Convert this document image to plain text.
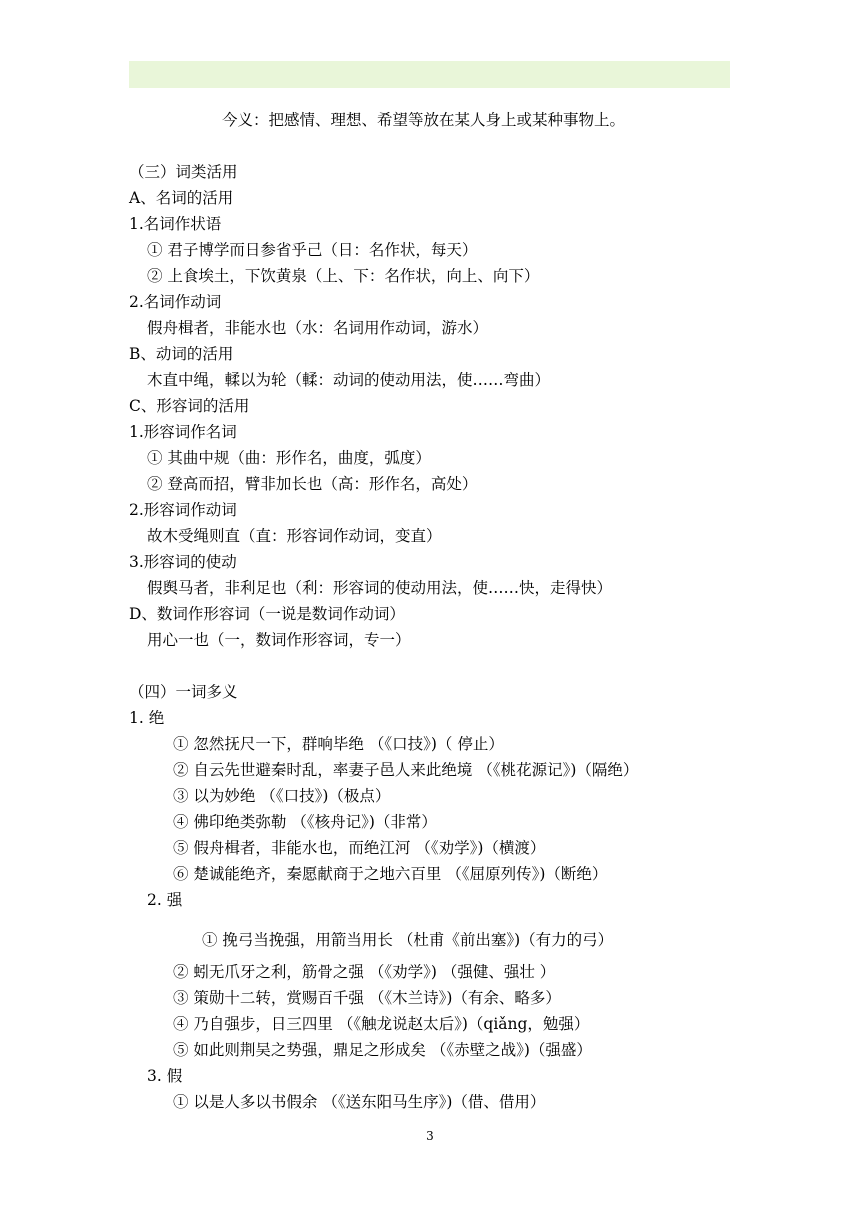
今义：把感情、理想、希望等放在某人身上或某种事物上。
（三）词类活用
A、名词的活用
1.名词作状语
① 君子博学而日参省乎己（日：名作状，每天）
② 上食埃土，下饮黄泉（上、下：名作状，向上、向下）
2.名词作动词
假舟楫者，非能水也（水：名词用作动词，游水）
B、动词的活用
木直中绳，輮以为轮（輮：动词的使动用法，使……弯曲）
C、形容词的活用
1.形容词作名词
① 其曲中规（曲：形作名，曲度，弧度）
② 登高而招，臂非加长也（高：形作名，高处）
2.形容词作动词
故木受绳则直（直：形容词作动词，变直）
3.形容词的使动
假舆马者，非利足也（利：形容词的使动用法，使……快，走得快）
D、数词作形容词（一说是数词作动词）
用心一也（一，数词作形容词，专一）
（四）一词多义
1. 绝
① 忽然抚尺一下，群响毕绝 （《口技》)（ 停止）
② 自云先世避秦时乱，率妻子邑人来此绝境 （《桃花源记》)（隔绝）
③ 以为妙绝 （《口技》)（极点）
④ 佛印绝类弥勒 （《核舟记》)（非常）
⑤ 假舟楫者，非能水也，而绝江河 （《劝学》)（横渡）
⑥ 楚诚能绝齐，秦愿献商于之地六百里 （《屈原列传》)（断绝）
2. 强
① 挽弓当挽强，用箭当用长 （杜甫《前出塞》)（有力的弓）
② 蚓无爪牙之利，筋骨之强 （《劝学》) （强健、强壮 ）
③ 策勋十二转，赏赐百千强 （《木兰诗》)（有余、略多）
④ 乃自强步，日三四里 （《触龙说赵太后》)（qiǎng，勉强）
⑤ 如此则荆吴之势强，鼎足之形成矣 （《赤壁之战》)（强盛）
3. 假
① 以是人多以书假余 （《送东阳马生序》)（借、借用）
3
